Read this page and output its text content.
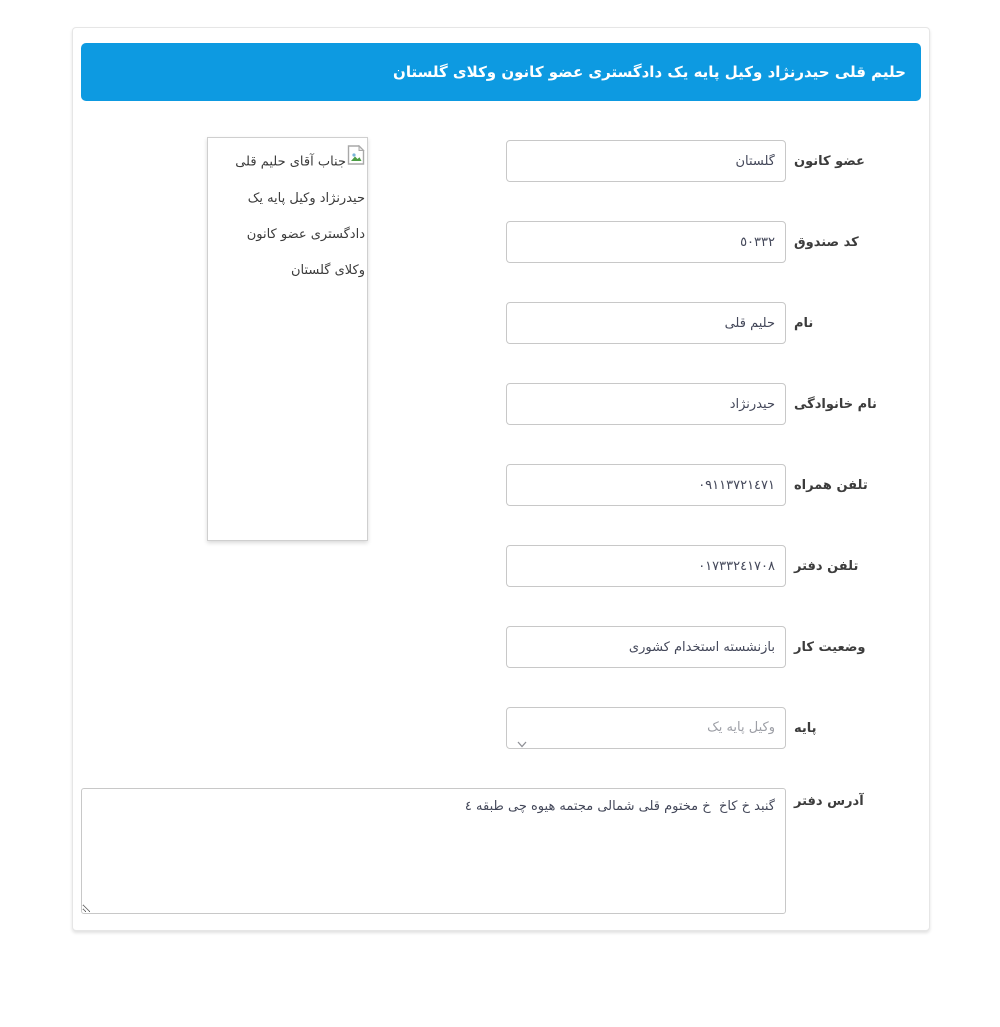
حلیم قلی حیدرنژاد وکیل پایه یک دادگستری عضو کانون وکلای گلستان
جناب آقای حلیم قلی حیدرنژاد وکیل پایه یک دادگستری عضو کانون وکلای گلستان
گلستان
عضو کانون
٥٠٣٣٢
کد صندوق
حلیم قلی
نام
حیدرنژاد
نام خانوادگی
٠٩١١٣٧٢١٤٧١
تلفن همراه
٠١٧٣٣٢٤١٧٠٨
تلفن دفتر
بازنشسته استخدام کشوری
وضعیت کار
وکیل پایه یک	پایه
گنبد خ کاخ خ مختوم قلی شمالی مجتمه هیوه چی طبقه ٤
آدرس دفتر
